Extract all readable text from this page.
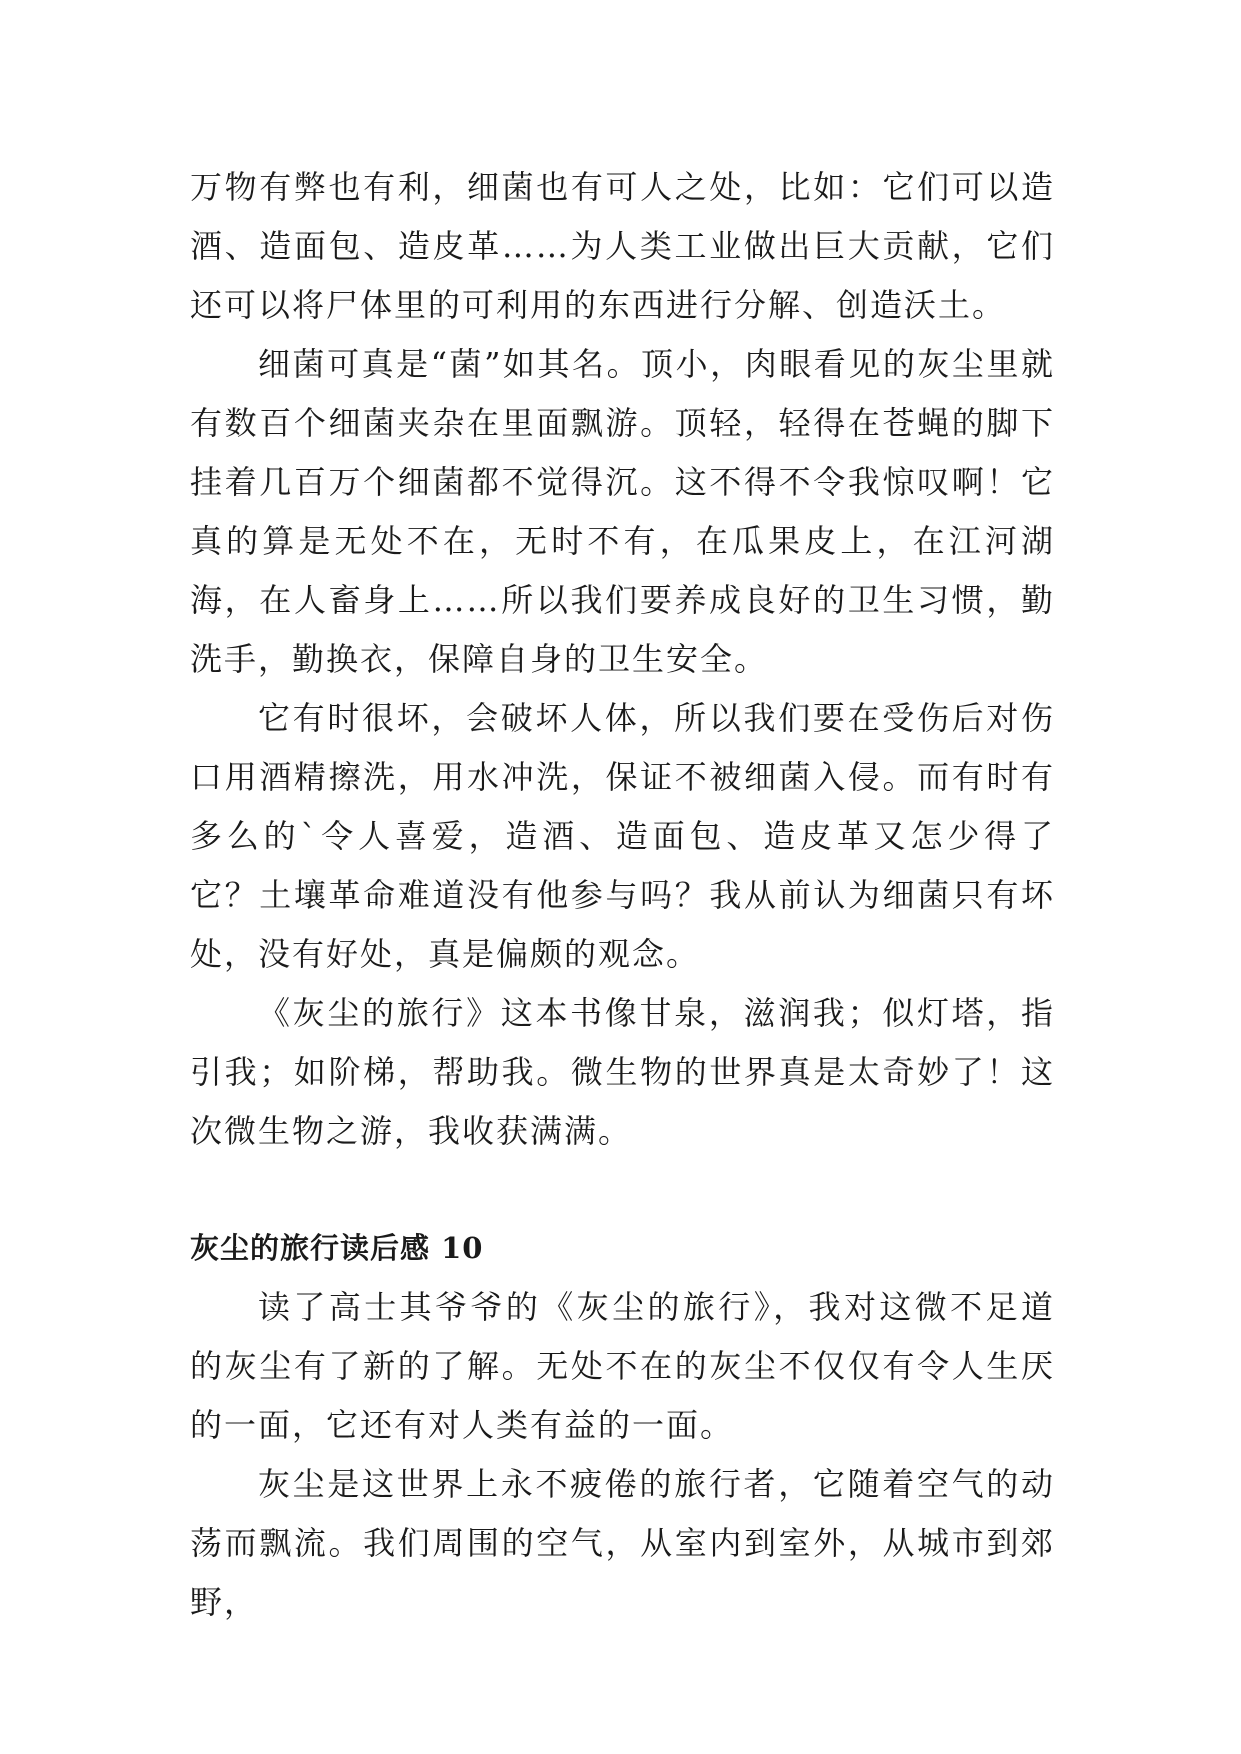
万物有弊也有利，细菌也有可人之处，比如：它们可以造酒、造面包、造皮革……为人类工业做出巨大贡献，它们还可以将尸体里的可利用的东西进行分解、创造沃土。

细菌可真是“菌”如其名。顶小，肉眼看见的灰尘里就有数百个细菌夹杂在里面飘游。顶轻，轻得在苍蝇的脚下挂着几百万个细菌都不觉得沉。这不得不令我惊叹啊！它真的算是无处不在，无时不有，在瓜果皮上，在江河湖海，在人畜身上……所以我们要养成良好的卫生习惯，勤洗手，勤换衣，保障自身的卫生安全。

它有时很坏，会破坏人体，所以我们要在受伤后对伤口用酒精擦洗，用水冲洗，保证不被细菌入侵。而有时有多么的`令人喜爱，造酒、造面包、造皮革又怎少得了它？土壤革命难道没有他参与吗？我从前认为细菌只有坏处，没有好处，真是偏颇的观念。

《灰尘的旅行》这本书像甘泉，滋润我；似灯塔，指引我；如阶梯，帮助我。微生物的世界真是太奇妙了！这次微生物之游，我收获满满。

灰尘的旅行读后感 10

读了高士其爷爷的《灰尘的旅行》，我对这微不足道的灰尘有了新的了解。无处不在的灰尘不仅仅有令人生厌的一面，它还有对人类有益的一面。

灰尘是这世界上永不疲倦的旅行者，它随着空气的动荡而飘流。我们周围的空气，从室内到室外，从城市到郊野，
